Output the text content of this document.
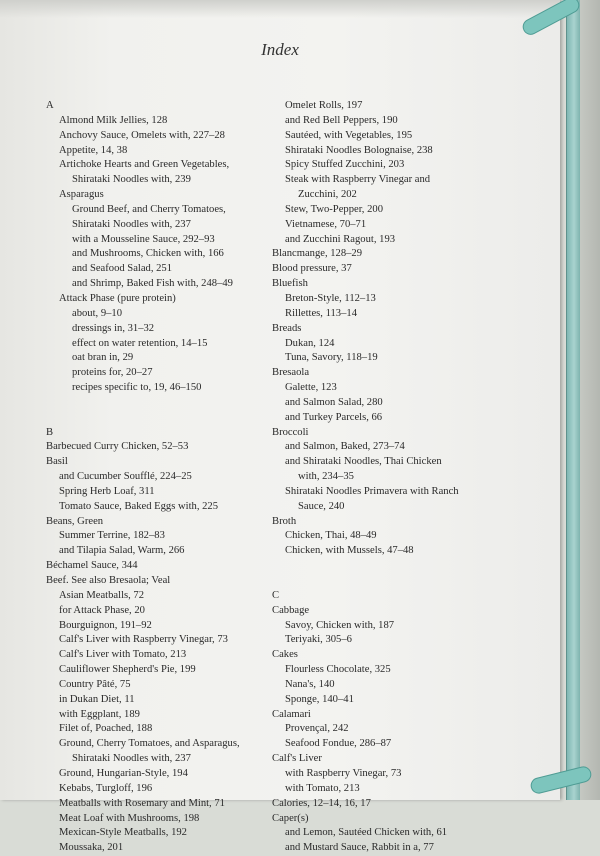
Index
A
Almond Milk Jellies, 128
Anchovy Sauce, Omelets with, 227–28
Appetite, 14, 38
Artichoke Hearts and Green Vegetables,
Shirataki Noodles with, 239
Asparagus
Ground Beef, and Cherry Tomatoes,
Shirataki Noodles with, 237
with a Mousseline Sauce, 292–93
and Mushrooms, Chicken with, 166
and Seafood Salad, 251
and Shrimp, Baked Fish with, 248–49
Attack Phase (pure protein)
about, 9–10
dressings in, 31–32
effect on water retention, 14–15
oat bran in, 29
proteins for, 20–27
recipes specific to, 19, 46–150
B
Barbecued Curry Chicken, 52–53
Basil
and Cucumber Soufflé, 224–25
Spring Herb Loaf, 311
Tomato Sauce, Baked Eggs with, 225
Beans, Green
Summer Terrine, 182–83
and Tilapia Salad, Warm, 266
Béchamel Sauce, 344
Beef. See also Bresaola; Veal
Asian Meatballs, 72
for Attack Phase, 20
Bourguignon, 191–92
Calf's Liver with Raspberry Vinegar, 73
Calf's Liver with Tomato, 213
Cauliflower Shepherd's Pie, 199
Country Pâté, 75
in Dukan Diet, 11
with Eggplant, 189
Filet of, Poached, 188
Ground, Cherry Tomatoes, and Asparagus,
Shirataki Noodles with, 237
Ground, Hungarian-Style, 194
Kebabs, Turgloff, 196
Meatballs with Rosemary and Mint, 71
Meat Loaf with Mushrooms, 198
Mexican-Style Meatballs, 192
Moussaka, 201
Omelet Rolls, 197
and Red Bell Peppers, 190
Sautéed, with Vegetables, 195
Shirataki Noodles Bolognaise, 238
Spicy Stuffed Zucchini, 203
Steak with Raspberry Vinegar and
Zucchini, 202
Stew, Two-Pepper, 200
Vietnamese, 70–71
and Zucchini Ragout, 193
Blancmange, 128–29
Blood pressure, 37
Bluefish
Breton-Style, 112–13
Rillettes, 113–14
Breads
Dukan, 124
Tuna, Savory, 118–19
Bresaola
Galette, 123
and Salmon Salad, 280
and Turkey Parcels, 66
Broccoli
and Salmon, Baked, 273–74
and Shirataki Noodles, Thai Chicken
with, 234–35
Shirataki Noodles Primavera with Ranch
Sauce, 240
Broth
Chicken, Thai, 48–49
Chicken, with Mussels, 47–48
C
Cabbage
Savoy, Chicken with, 187
Teriyaki, 305–6
Cakes
Flourless Chocolate, 325
Nana's, 140
Sponge, 140–41
Calamari
Provençal, 242
Seafood Fondue, 286–87
Calf's Liver
with Raspberry Vinegar, 73
with Tomato, 213
Calories, 12–14, 16, 17
Caper(s)
and Lemon, Sautéed Chicken with, 61
and Mustard Sauce, Rabbit in a, 77
